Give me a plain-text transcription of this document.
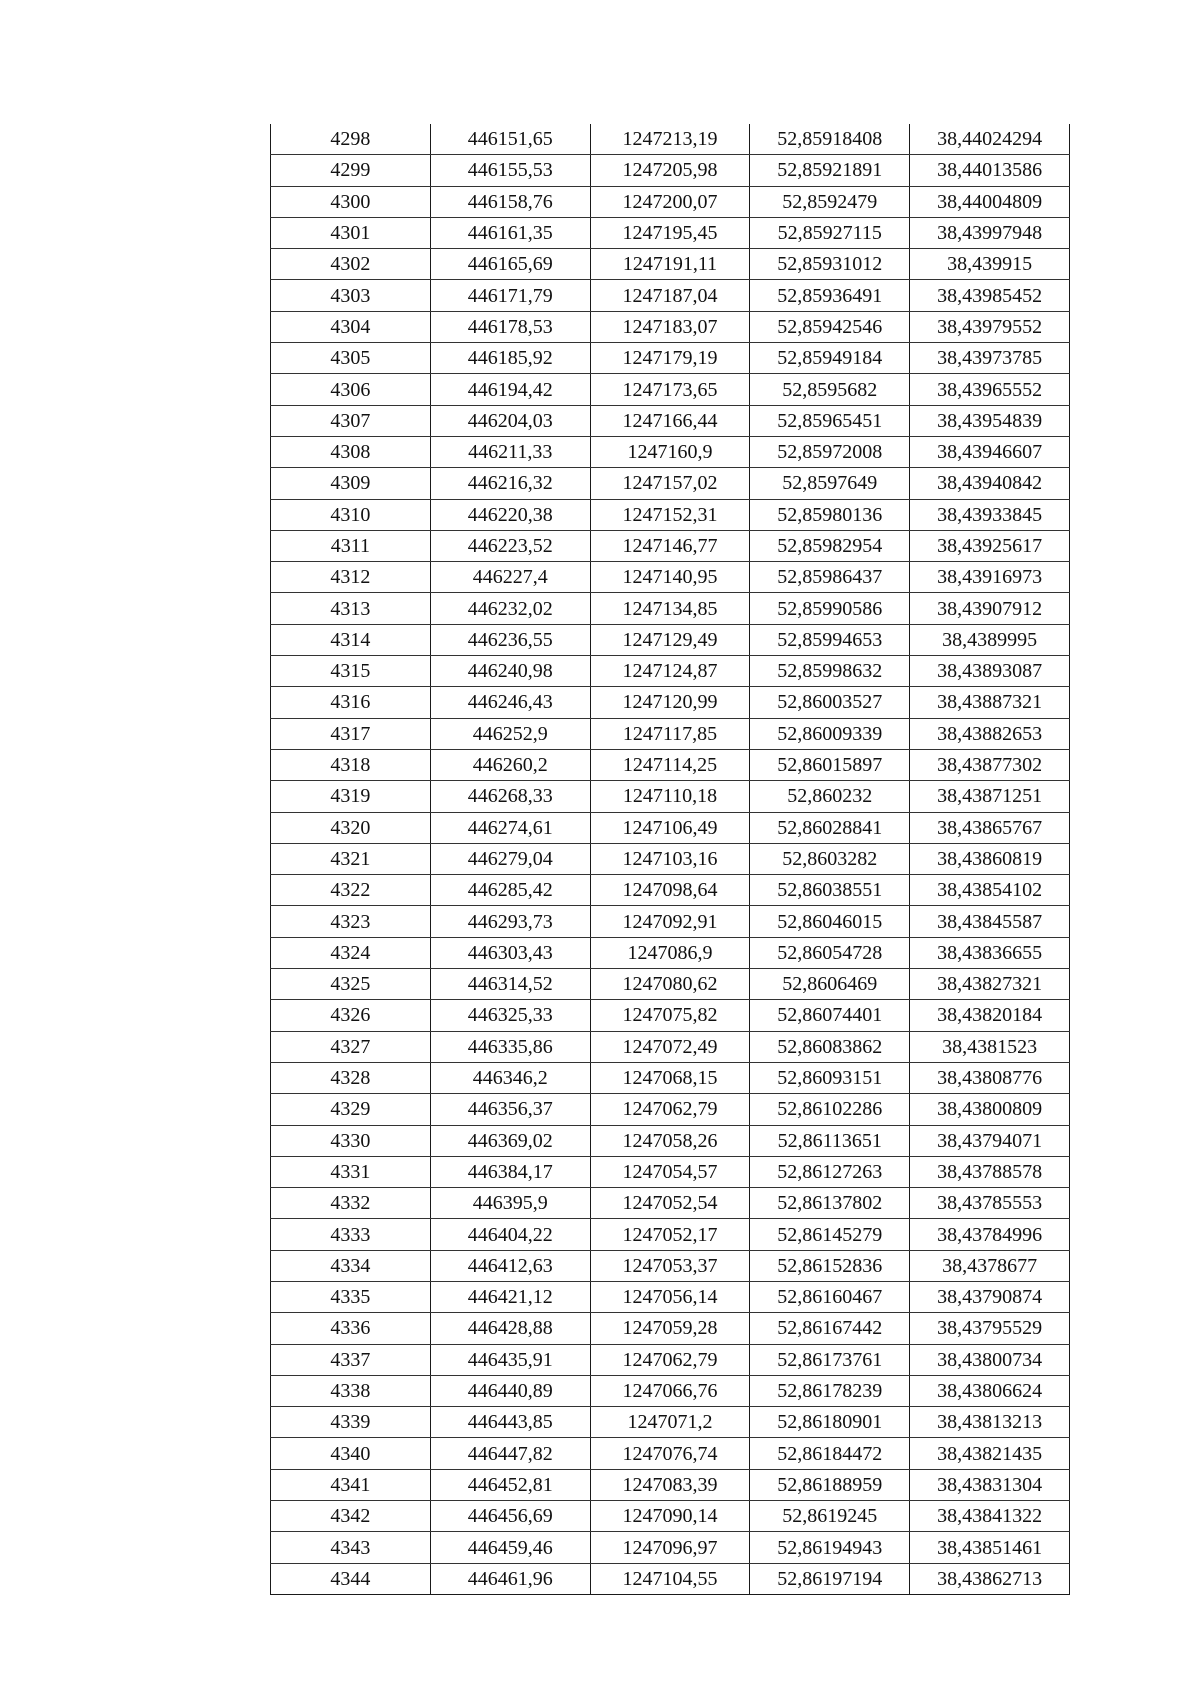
4298	446151,65	1247213,19	52,85918408	38,44024294
4299	446155,53	1247205,98	52,85921891	38,44013586
4300	446158,76	1247200,07	52,8592479	38,44004809
4301	446161,35	1247195,45	52,85927115	38,43997948
4302	446165,69	1247191,11	52,85931012	38,439915
4303	446171,79	1247187,04	52,85936491	38,43985452
4304	446178,53	1247183,07	52,85942546	38,43979552
4305	446185,92	1247179,19	52,85949184	38,43973785
4306	446194,42	1247173,65	52,8595682	38,43965552
4307	446204,03	1247166,44	52,85965451	38,43954839
4308	446211,33	1247160,9	52,85972008	38,43946607
4309	446216,32	1247157,02	52,8597649	38,43940842
4310	446220,38	1247152,31	52,85980136	38,43933845
4311	446223,52	1247146,77	52,85982954	38,43925617
4312	446227,4	1247140,95	52,85986437	38,43916973
4313	446232,02	1247134,85	52,85990586	38,43907912
4314	446236,55	1247129,49	52,85994653	38,4389995
4315	446240,98	1247124,87	52,85998632	38,43893087
4316	446246,43	1247120,99	52,86003527	38,43887321
4317	446252,9	1247117,85	52,86009339	38,43882653
4318	446260,2	1247114,25	52,86015897	38,43877302
4319	446268,33	1247110,18	52,860232	38,43871251
4320	446274,61	1247106,49	52,86028841	38,43865767
4321	446279,04	1247103,16	52,8603282	38,43860819
4322	446285,42	1247098,64	52,86038551	38,43854102
4323	446293,73	1247092,91	52,86046015	38,43845587
4324	446303,43	1247086,9	52,86054728	38,43836655
4325	446314,52	1247080,62	52,8606469	38,43827321
4326	446325,33	1247075,82	52,86074401	38,43820184
4327	446335,86	1247072,49	52,86083862	38,4381523
4328	446346,2	1247068,15	52,86093151	38,43808776
4329	446356,37	1247062,79	52,86102286	38,43800809
4330	446369,02	1247058,26	52,86113651	38,43794071
4331	446384,17	1247054,57	52,86127263	38,43788578
4332	446395,9	1247052,54	52,86137802	38,43785553
4333	446404,22	1247052,17	52,86145279	38,43784996
4334	446412,63	1247053,37	52,86152836	38,4378677
4335	446421,12	1247056,14	52,86160467	38,43790874
4336	446428,88	1247059,28	52,86167442	38,43795529
4337	446435,91	1247062,79	52,86173761	38,43800734
4338	446440,89	1247066,76	52,86178239	38,43806624
4339	446443,85	1247071,2	52,86180901	38,43813213
4340	446447,82	1247076,74	52,86184472	38,43821435
4341	446452,81	1247083,39	52,86188959	38,43831304
4342	446456,69	1247090,14	52,8619245	38,43841322
4343	446459,46	1247096,97	52,86194943	38,43851461
4344	446461,96	1247104,55	52,86197194	38,43862713
